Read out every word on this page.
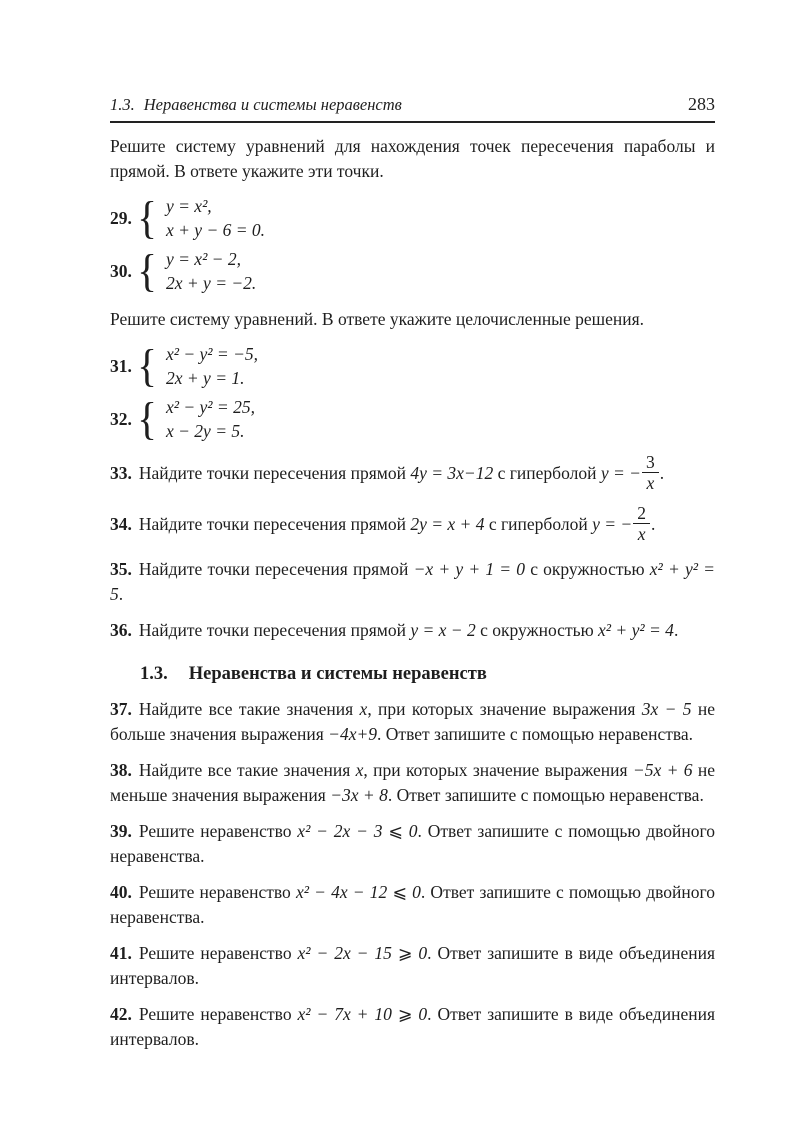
1.3. Неравенства и системы неравенств	283

Решите систему уравнений для нахождения точек пересечения параболы и прямой. В ответе укажите эти точки.

29. { y = x²,
x + y − 6 = 0.
30. { y = x² − 2,
2x + y = −2.

Решите систему уравнений. В ответе укажите целочисленные решения.

31. { x² − y² = −5,
2x + y = 1.
32. { x² − y² = 25,
x − 2y = 5.

33. Найдите точки пересечения прямой 4y = 3x−12 с гиперболой y = − $\frac{3}{x}$ .

34. Найдите точки пересечения прямой 2y = x + 4 с гиперболой y = − $\frac{2}{x}$ .

35. Найдите точки пересечения прямой −x + y + 1 = 0 с окружностью x² + y² = 5.

36. Найдите точки пересечения прямой y = x − 2 с окружностью x² + y² = 4.

1.3. Неравенства и системы неравенств

37. Найдите все такие значения x, при которых значение выражения 3x − 5 не больше значения выражения −4x+9. Ответ запишите с помощью неравенства.

38. Найдите все такие значения x, при которых значение выражения −5x + 6 не меньше значения выражения −3x + 8. Ответ запишите с помощью неравенства.

39. Решите неравенство x² − 2x − 3 ⩽ 0. Ответ запишите с помощью двойного неравенства.

40. Решите неравенство x² − 4x − 12 ⩽ 0. Ответ запишите с помощью двойного неравенства.

41. Решите неравенство x² − 2x − 15 ⩾ 0. Ответ запишите в виде объединения интервалов.

42. Решите неравенство x² − 7x + 10 ⩾ 0. Ответ запишите в виде объединения интервалов.
